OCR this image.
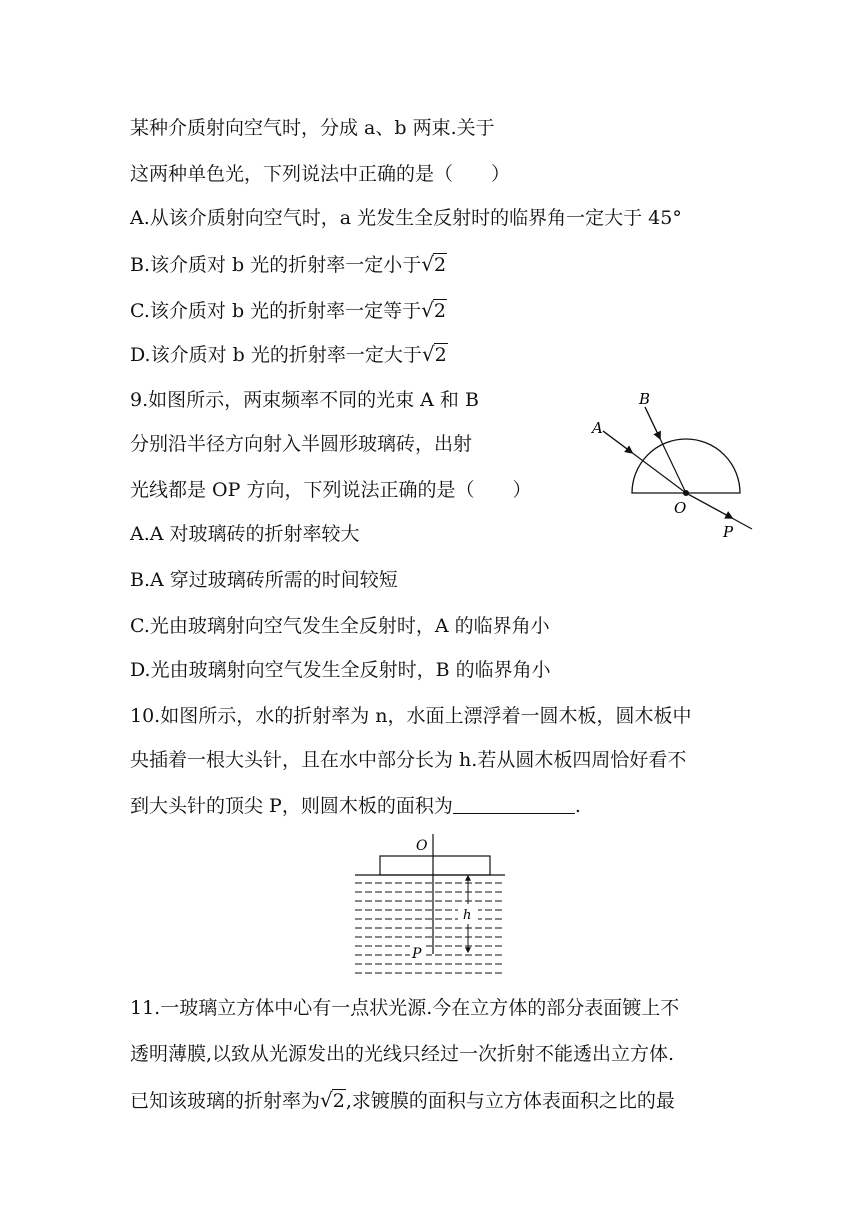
某种介质射向空气时，分成 a、b 两束.关于
这两种单色光，下列说法中正确的是（　　）
A.从该介质射向空气时，a 光发生全反射时的临界角一定大于 45°
B.该介质对 b 光的折射率一定小于√2
C.该介质对 b 光的折射率一定等于√2
D.该介质对 b 光的折射率一定大于√2
9.如图所示，两束频率不同的光束 A 和 B
分别沿半径方向射入半圆形玻璃砖，出射
光线都是 OP 方向，下列说法正确的是（　　）
A
B
O
P
A.A 对玻璃砖的折射率较大
B.A 穿过玻璃砖所需的时间较短
C.光由玻璃射向空气发生全反射时，A 的临界角小
D.光由玻璃射向空气发生全反射时，B 的临界角小
10.如图所示，水的折射率为 n，水面上漂浮着一圆木板，圆木板中
央插着一根大头针，且在水中部分长为 h.若从圆木板四周恰好看不
到大头针的顶尖 P，则圆木板的面积为	.
h
O
P
11.一玻璃立方体中心有一点状光源.今在立方体的部分表面镀上不
透明薄膜,以致从光源发出的光线只经过一次折射不能透出立方体.
已知该玻璃的折射率为√2,求镀膜的面积与立方体表面积之比的最
